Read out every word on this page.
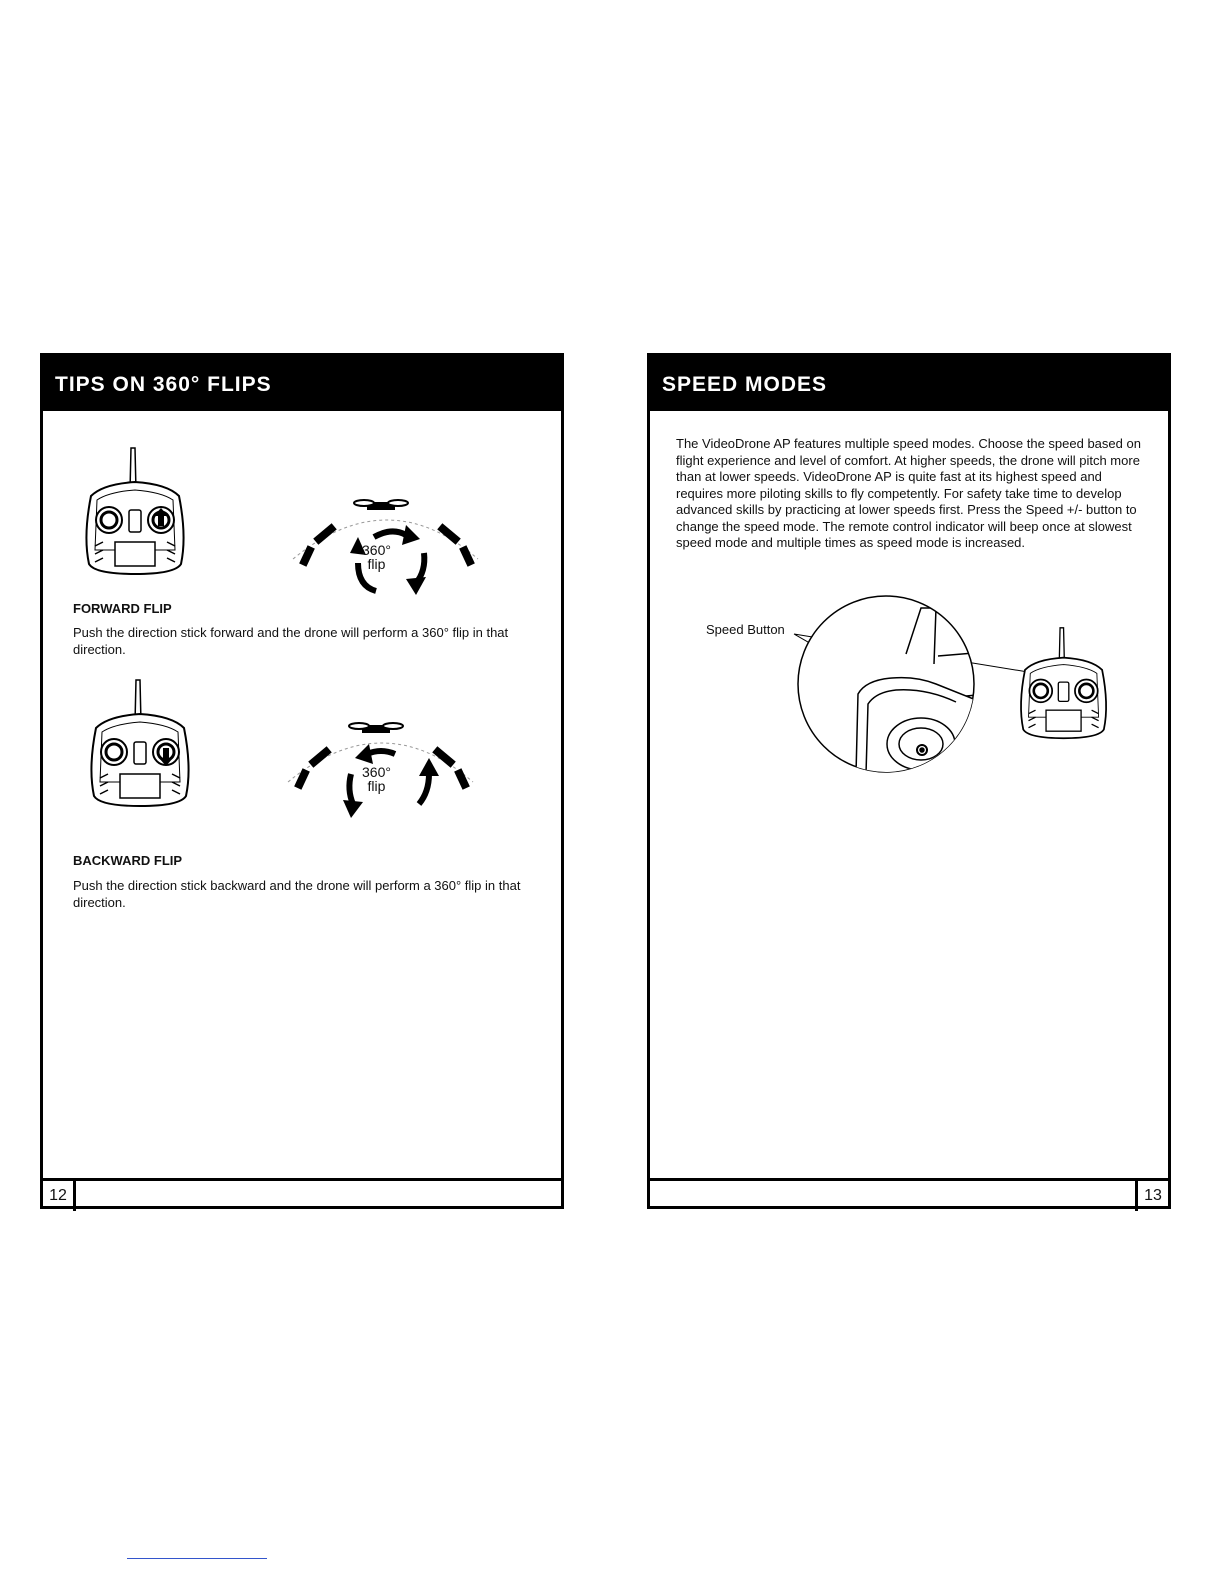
TIPS ON 360° FLIPS
360°
flip
FORWARD FLIP
Push the direction stick forward and the drone will perform a 360° flip in that direction.
360°
flip
BACKWARD FLIP
Push the direction stick backward and the drone will perform a 360° flip in that direction.
12
SPEED MODES
The VideoDrone AP features multiple speed modes. Choose the speed based on flight experience and level of comfort. At higher speeds, the drone will pitch more than at lower speeds. VideoDrone AP is quite fast at its highest speed and requires more piloting skills to fly competently. For safety take time to develop advanced skills by practicing at lower speeds first. Press the Speed +/- button to change the speed mode. The remote control indicator will beep once at slowest speed mode and multiple times as speed mode is increased.
Speed Button
13
